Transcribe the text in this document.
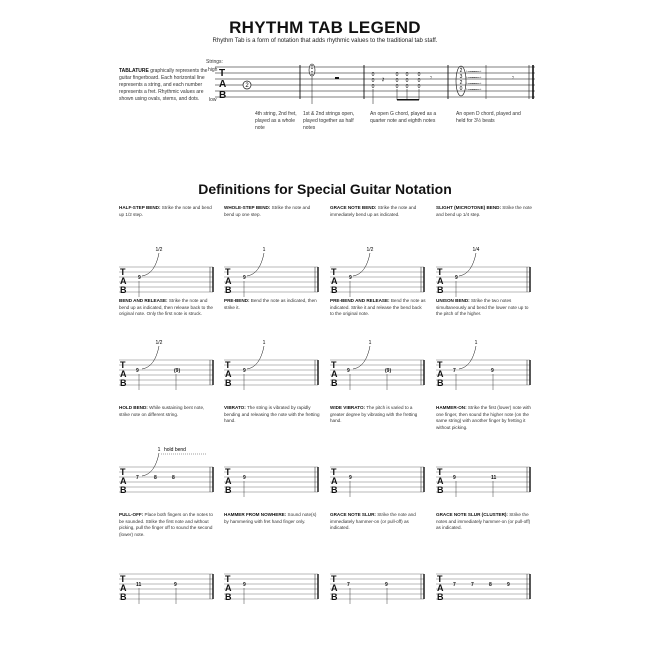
RHYTHM TAB LEGEND
Rhythm Tab is a form of notation that adds rhythmic values to the traditional tab staff.
TABLATURE graphically represents the guitar fingerboard. Each horizontal line represents a string, and each number represents a fret. Rhythmic values are shown using ovals, stems, and dots.
Strings:
high
low
T
A
B
2
0
0	0
0
0
0
0
0
0
0
0
0
0
0
𝄽	𝄾
2
3
2
0
𝄾
4th string, 2nd fret, played as a whole note
1st & 2nd strings open, played together as half notes
An open G chord, played as a quarter note and eighth notes
An open D chord, played and held for 3½ beats
Definitions for Special Guitar Notation
HALF-STEP BEND: Strike the note and bend up 1/2 step.
T
A
B
9
1/2
WHOLE-STEP BEND: Strike the note and bend up one step.
T
A
B
9
1
GRACE NOTE BEND: Strike the note and immediately bend up as indicated.
T
A
B
9
1/2
SLIGHT (MICROTONE) BEND: Strike the note and bend up 1/4 step.
T
A
B
9
1/4
BEND AND RELEASE: Strike the note and bend up as indicated, then release back to the original note. Only the first note is struck.
T
A
B
9	(9)
1/2
PRE-BEND: Bend the note as indicated, then strike it.
T
A
B
9
1
PRE-BEND AND RELEASE: Bend the note as indicated. Strike it and release the bend back to the original note.
T
A
B
9	(9)
1
UNISON BEND: Strike the two notes simultaneously and bend the lower note up to the pitch of the higher.
T
A
B
7	9
1
HOLD BEND: While sustaining bent note, strike note on different string.
T
A
B
7	8	8
1 hold bend
VIBRATO: The string is vibrated by rapidly bending and releasing the note with the fretting hand.
T
A
B
9
WIDE VIBRATO: The pitch is varied to a greater degree by vibrating with the fretting hand.
T
A
B
9
HAMMER-ON: Strike the first (lower) note with one finger, then sound the higher note (on the same string) with another finger by fretting it without picking.
T
A
B
9	11
PULL-OFF: Place both fingers on the notes to be sounded. Strike the first note and without picking, pull the finger off to sound the second (lower) note.
T
A
B
11	9
HAMMER FROM NOWHERE: Sound note(s) by hammering with fret hand finger only.
T
A
B
9
GRACE NOTE SLUR: Strike the note and immediately hammer-on (or pull-off) as indicated.
T
A
B
7	9
GRACE NOTE SLUR (CLUSTER): Strike the notes and immediately hammer-on (or pull-off) as indicated.
T
A
B
7	7	8	9
